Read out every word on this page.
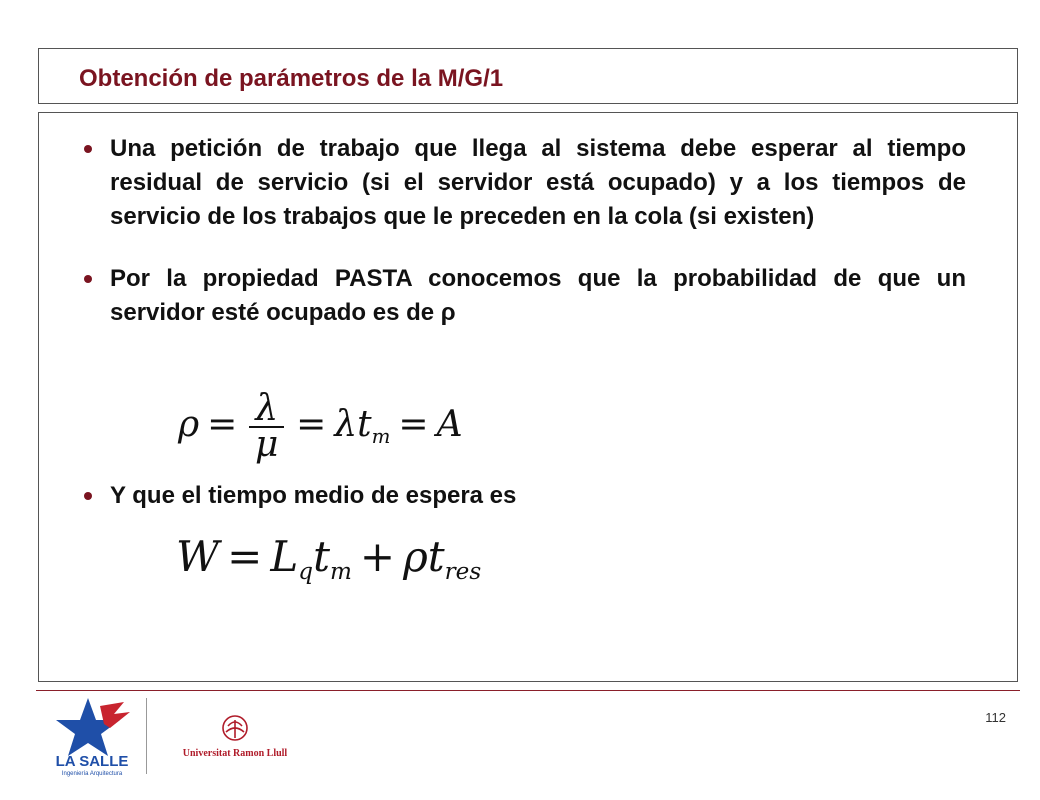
Obtención de parámetros de la M/G/1

Una petición de trabajo que llega al sistema debe esperar al tiempo residual de servicio (si el servidor está ocupado) y a los tiempos de servicio de los trabajos que le preceden en la cola (si existen)

Por la propiedad PASTA conocemos que la probabilidad de que un servidor esté ocupado es de ρ

Y que el tiempo medio de espera es

$\rho = \frac{\lambda}{\mu} = \lambda t_m = A$
$W = L_qt_m + \rho t_{res}$
LA SALLE
Ingeniería Arquitectura
Universitat Ramon Llull
112
